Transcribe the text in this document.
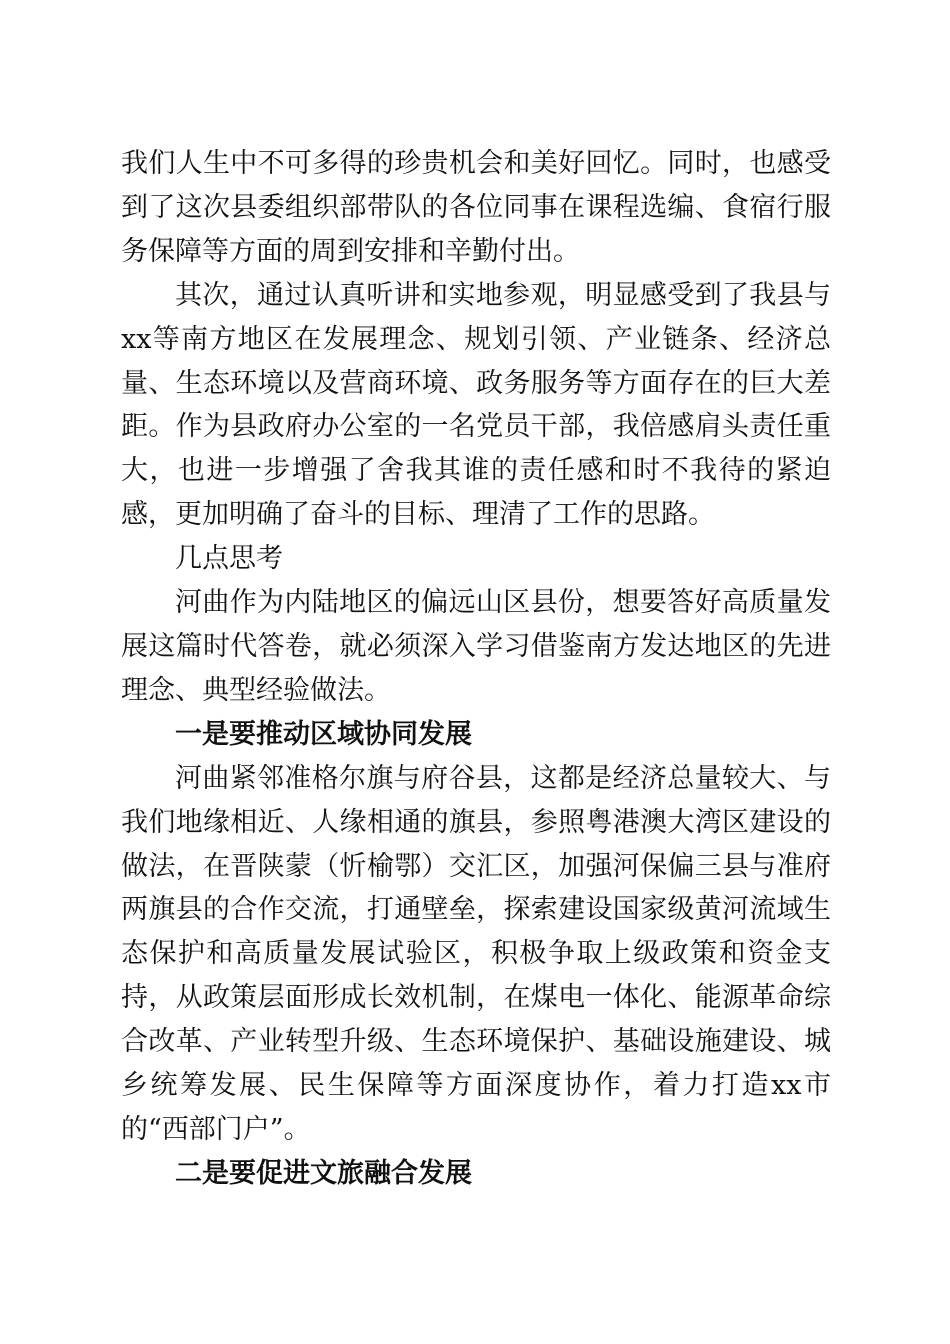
我们人生中不可多得的珍贵机会和美好回忆。同时，也感受到了这次县委组织部带队的各位同事在课程选编、食宿行服务保障等方面的周到安排和辛勤付出。

其次，通过认真听讲和实地参观，明显感受到了我县与xx等南方地区在发展理念、规划引领、产业链条、经济总量、生态环境以及营商环境、政务服务等方面存在的巨大差距。作为县政府办公室的一名党员干部，我倍感肩头责任重大，也进一步增强了舍我其谁的责任感和时不我待的紧迫感，更加明确了奋斗的目标、理清了工作的思路。

几点思考

河曲作为内陆地区的偏远山区县份，想要答好高质量发展这篇时代答卷，就必须深入学习借鉴南方发达地区的先进理念、典型经验做法。

一是要推动区域协同发展

河曲紧邻准格尔旗与府谷县，这都是经济总量较大、与我们地缘相近、人缘相通的旗县，参照粤港澳大湾区建设的做法，在晋陕蒙（忻榆鄂）交汇区，加强河保偏三县与准府两旗县的合作交流，打通壁垒，探索建设国家级黄河流域生态保护和高质量发展试验区，积极争取上级政策和资金支持，从政策层面形成长效机制，在煤电一体化、能源革命综合改革、产业转型升级、生态环境保护、基础设施建设、城乡统筹发展、民生保障等方面深度协作，着力打造xx市的“西部门户”。

二是要促进文旅融合发展
